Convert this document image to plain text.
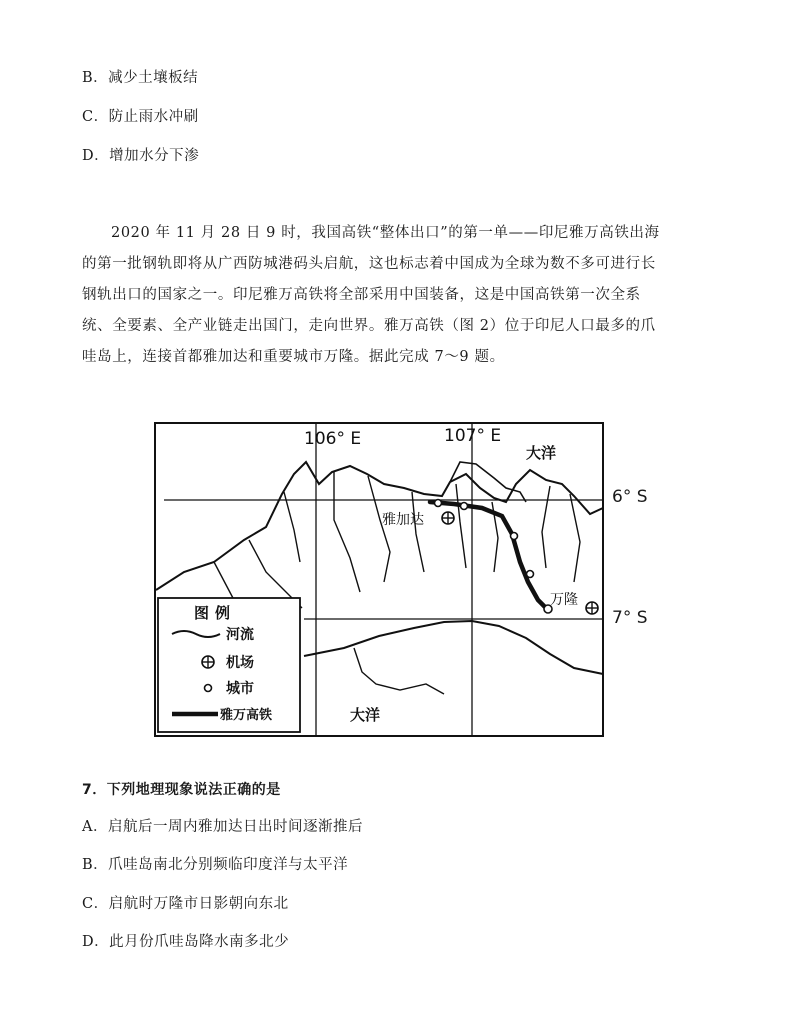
B．减少土壤板结
C．防止雨水冲刷
D．增加水分下渗

2020 年 11 月 28 日 9 时，我国高铁“整体出口”的第一单——印尼雅万高铁出海

的第一批钢轨即将从广西防城港码头启航，这也标志着中国成为全球为数不多可进行长

钢轨出口的国家之一。印尼雅万高铁将全部采用中国装备，这是中国高铁第一次全系

统、全要素、全产业链走出国门，走向世界。雅万高铁（图 2）位于印尼人口最多的爪

哇岛上，连接首都雅加达和重要城市万隆。据此完成 7～9 题。

106° E	107° E
大洋
雅加达
万隆
大洋
图例
河流
机场
城市
雅万高铁
6° S
7° S
7．下列地理现象说法正确的是
A．启航后一周内雅加达日出时间逐渐推后
B．爪哇岛南北分别频临印度洋与太平洋
C．启航时万隆市日影朝向东北
D．此月份爪哇岛降水南多北少
